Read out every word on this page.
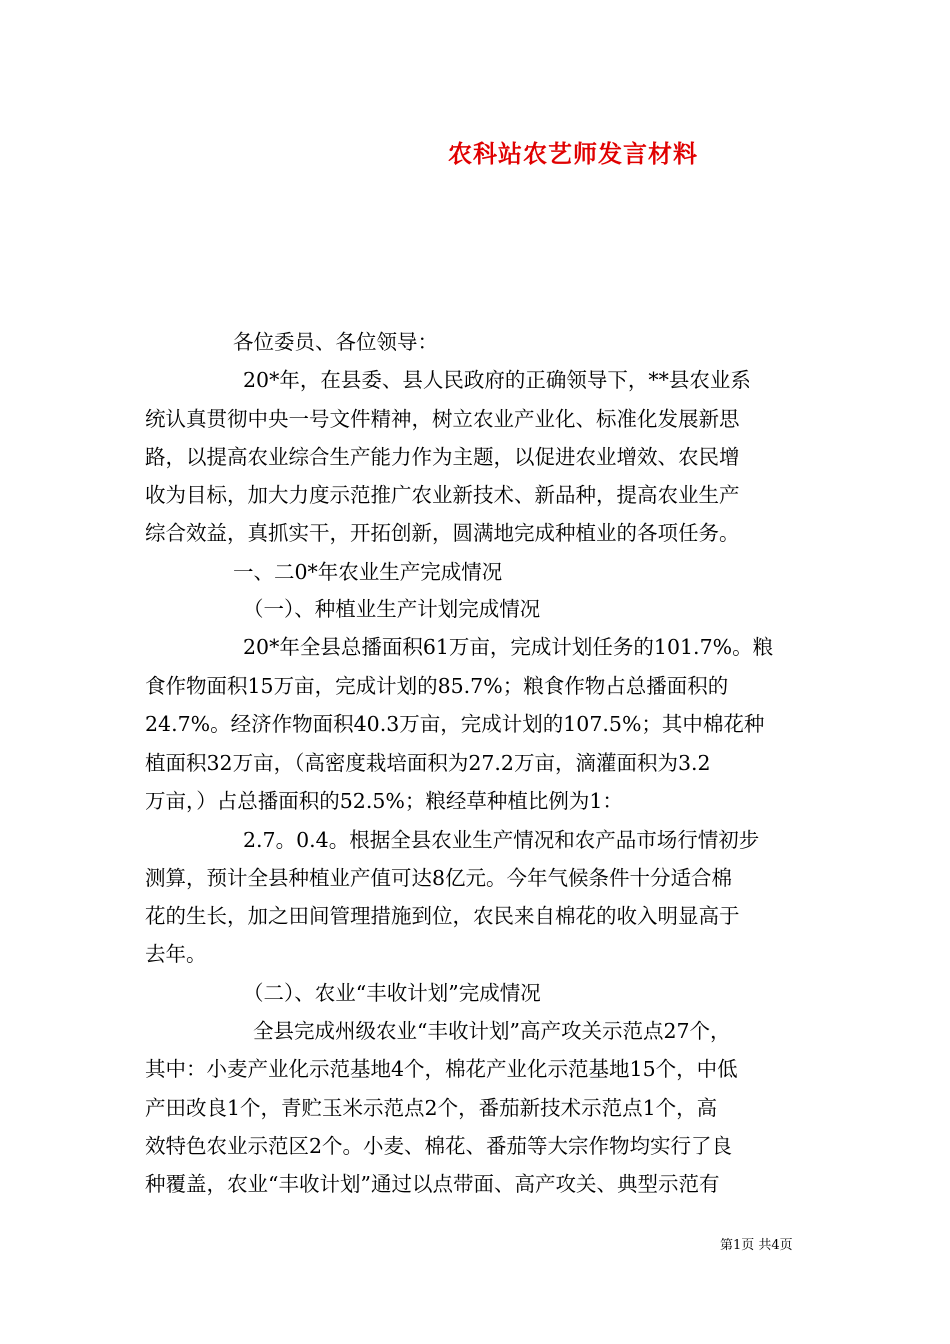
农科站农艺师发言材料
各位委员、各位领导：
20*年，在县委、县人民政府的正确领导下，**县农业系
统认真贯彻中央一号文件精神，树立农业产业化、标准化发展新思
路，以提高农业综合生产能力作为主题，以促进农业增效、农民增
收为目标，加大力度示范推广农业新技术、新品种，提高农业生产
综合效益，真抓实干，开拓创新，圆满地完成种植业的各项任务。
一、二0*年农业生产完成情况
（一）、种植业生产计划完成情况
20*年全县总播面积61万亩，完成计划任务的101.7%。粮
食作物面积15万亩，完成计划的85.7%；粮食作物占总播面积的
24.7%。经济作物面积40.3万亩，完成计划的107.5%；其中棉花种
植面积32万亩，（高密度栽培面积为27.2万亩，滴灌面积为3.2
万亩，）占总播面积的52.5%；粮经草种植比例为1：
2.7。0.4。根据全县农业生产情况和农产品市场行情初步
测算，预计全县种植业产值可达8亿元。今年气候条件十分适合棉
花的生长，加之田间管理措施到位，农民来自棉花的收入明显高于
去年。
（二）、农业“丰收计划”完成情况
全县完成州级农业“丰收计划”高产攻关示范点27个，
其中：小麦产业化示范基地4个，棉花产业化示范基地15个，中低
产田改良1个，青贮玉米示范点2个，番茄新技术示范点1个，高
效特色农业示范区2个。小麦、棉花、番茄等大宗作物均实行了良
种覆盖，农业“丰收计划”通过以点带面、高产攻关、典型示范有
第1页 共4页
